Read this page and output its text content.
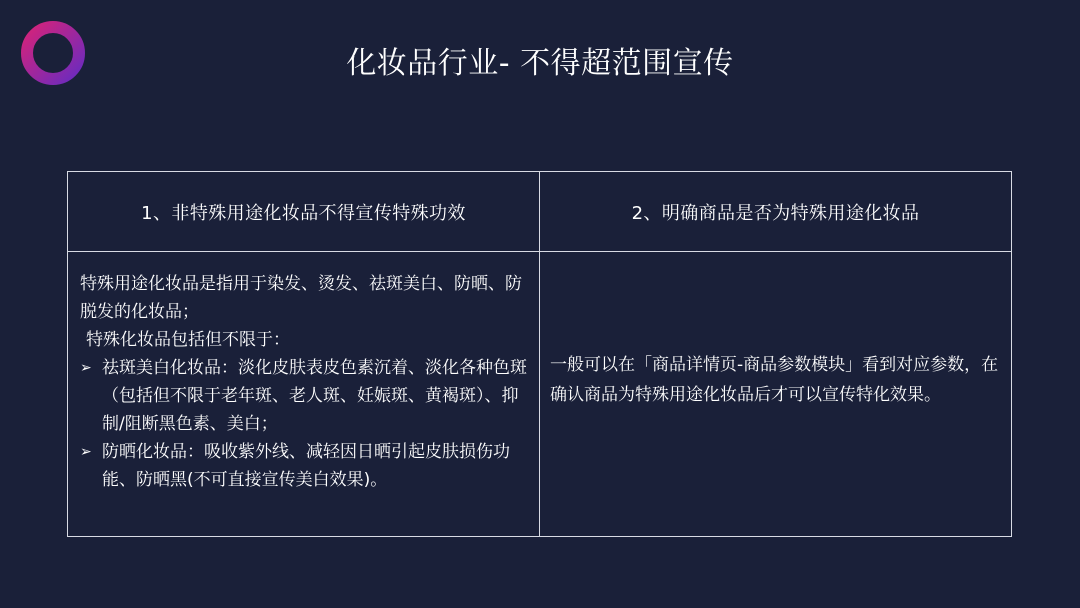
化妆品行业- 不得超范围宣传
1、非特殊用途化妆品不得宣传特殊功效	2、明确商品是否为特殊用途化妆品

特殊用途化妆品是指用于染发、烫发、祛斑美白、防晒、防脱发的化妆品；

特殊化妆品包括但不限于：

➢ 祛斑美白化妆品：淡化皮肤表皮色素沉着、淡化各种色斑（包括但不限于老年斑、老人斑、妊娠斑、黄褐斑）、抑制/阻断黑色素、美白；
➢ 防晒化妆品：吸收紫外线、减轻因日晒引起皮肤损伤功能、防晒黑(不可直接宣传美白效果)。
一般可以在「商品详情页-商品参数模块」看到对应参数，在确认商品为特殊用途化妆品后才可以宣传特化效果。
